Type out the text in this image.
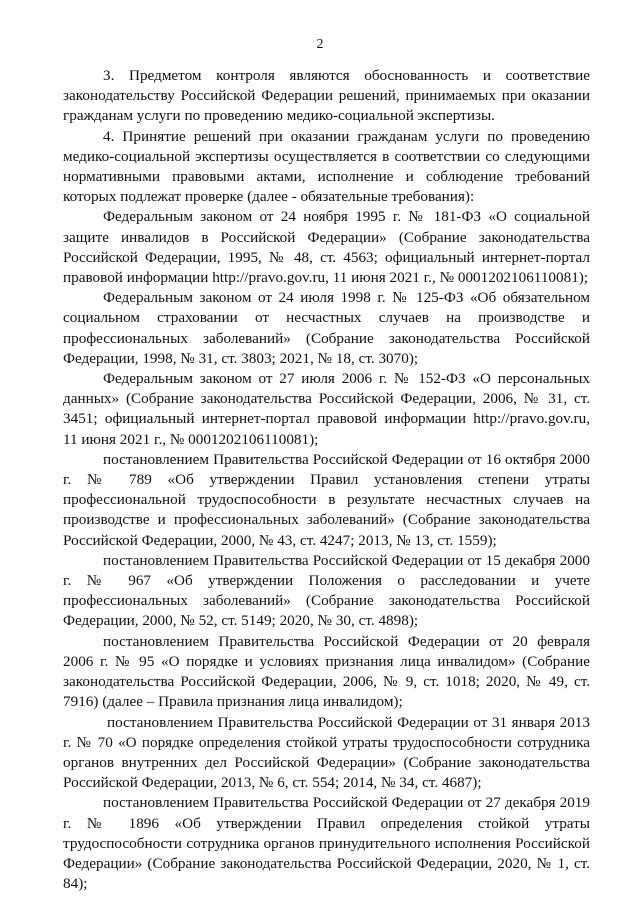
2

3. Предметом контроля являются обоснованность и соответствие законодательству Российской Федерации решений, принимаемых при оказании гражданам услуги по проведению медико-социальной экспертизы.

4. Принятие решений при оказании гражданам услуги по проведению медико-социальной экспертизы осуществляется в соответствии со следующими нормативными правовыми актами, исполнение и соблюдение требований которых подлежат проверке (далее - обязательные требования):

Федеральным законом от 24 ноября 1995 г. № 181-ФЗ «О социальной защите инвалидов в Российской Федерации» (Собрание законодательства Российской Федерации, 1995, № 48, ст. 4563; официальный интернет-портал правовой информации http://pravo.gov.ru, 11 июня 2021 г., № 0001202106110081);

Федеральным законом от 24 июля 1998 г. № 125-ФЗ «Об обязательном социальном страховании от несчастных случаев на производстве и профессиональных заболеваний» (Собрание законодательства Российской Федерации, 1998, № 31, ст. 3803; 2021, № 18, ст. 3070);

Федеральным законом от 27 июля 2006 г. № 152-ФЗ «О персональных данных» (Собрание законодательства Российской Федерации, 2006, № 31, ст. 3451; официальный интернет-портал правовой информации http://pravo.gov.ru, 11 июня 2021 г., № 0001202106110081);

постановлением Правительства Российской Федерации от 16 октября 2000 г. № 789 «Об утверждении Правил установления степени утраты профессиональной трудоспособности в результате несчастных случаев на производстве и профессиональных заболеваний» (Собрание законодательства Российской Федерации, 2000, № 43, ст. 4247; 2013, № 13, ст. 1559);

постановлением Правительства Российской Федерации от 15 декабря 2000 г. № 967 «Об утверждении Положения о расследовании и учете профессиональных заболеваний» (Собрание законодательства Российской Федерации, 2000, № 52, ст. 5149; 2020, № 30, ст. 4898);

постановлением Правительства Российской Федерации от 20 февраля 2006 г. № 95 «О порядке и условиях признания лица инвалидом» (Собрание законодательства Российской Федерации, 2006, № 9, ст. 1018; 2020, № 49, ст. 7916) (далее – Правила признания лица инвалидом);

постановлением Правительства Российской Федерации от 31 января 2013 г. № 70 «О порядке определения стойкой утраты трудоспособности сотрудника органов внутренних дел Российской Федерации» (Собрание законодательства Российской Федерации, 2013, № 6, ст. 554; 2014, № 34, ст. 4687);

постановлением Правительства Российской Федерации от 27 декабря 2019 г. № 1896 «Об утверждении Правил определения стойкой утраты трудоспособности сотрудника органов принудительного исполнения Российской Федерации» (Собрание законодательства Российской Федерации, 2020, № 1, ст. 84);
